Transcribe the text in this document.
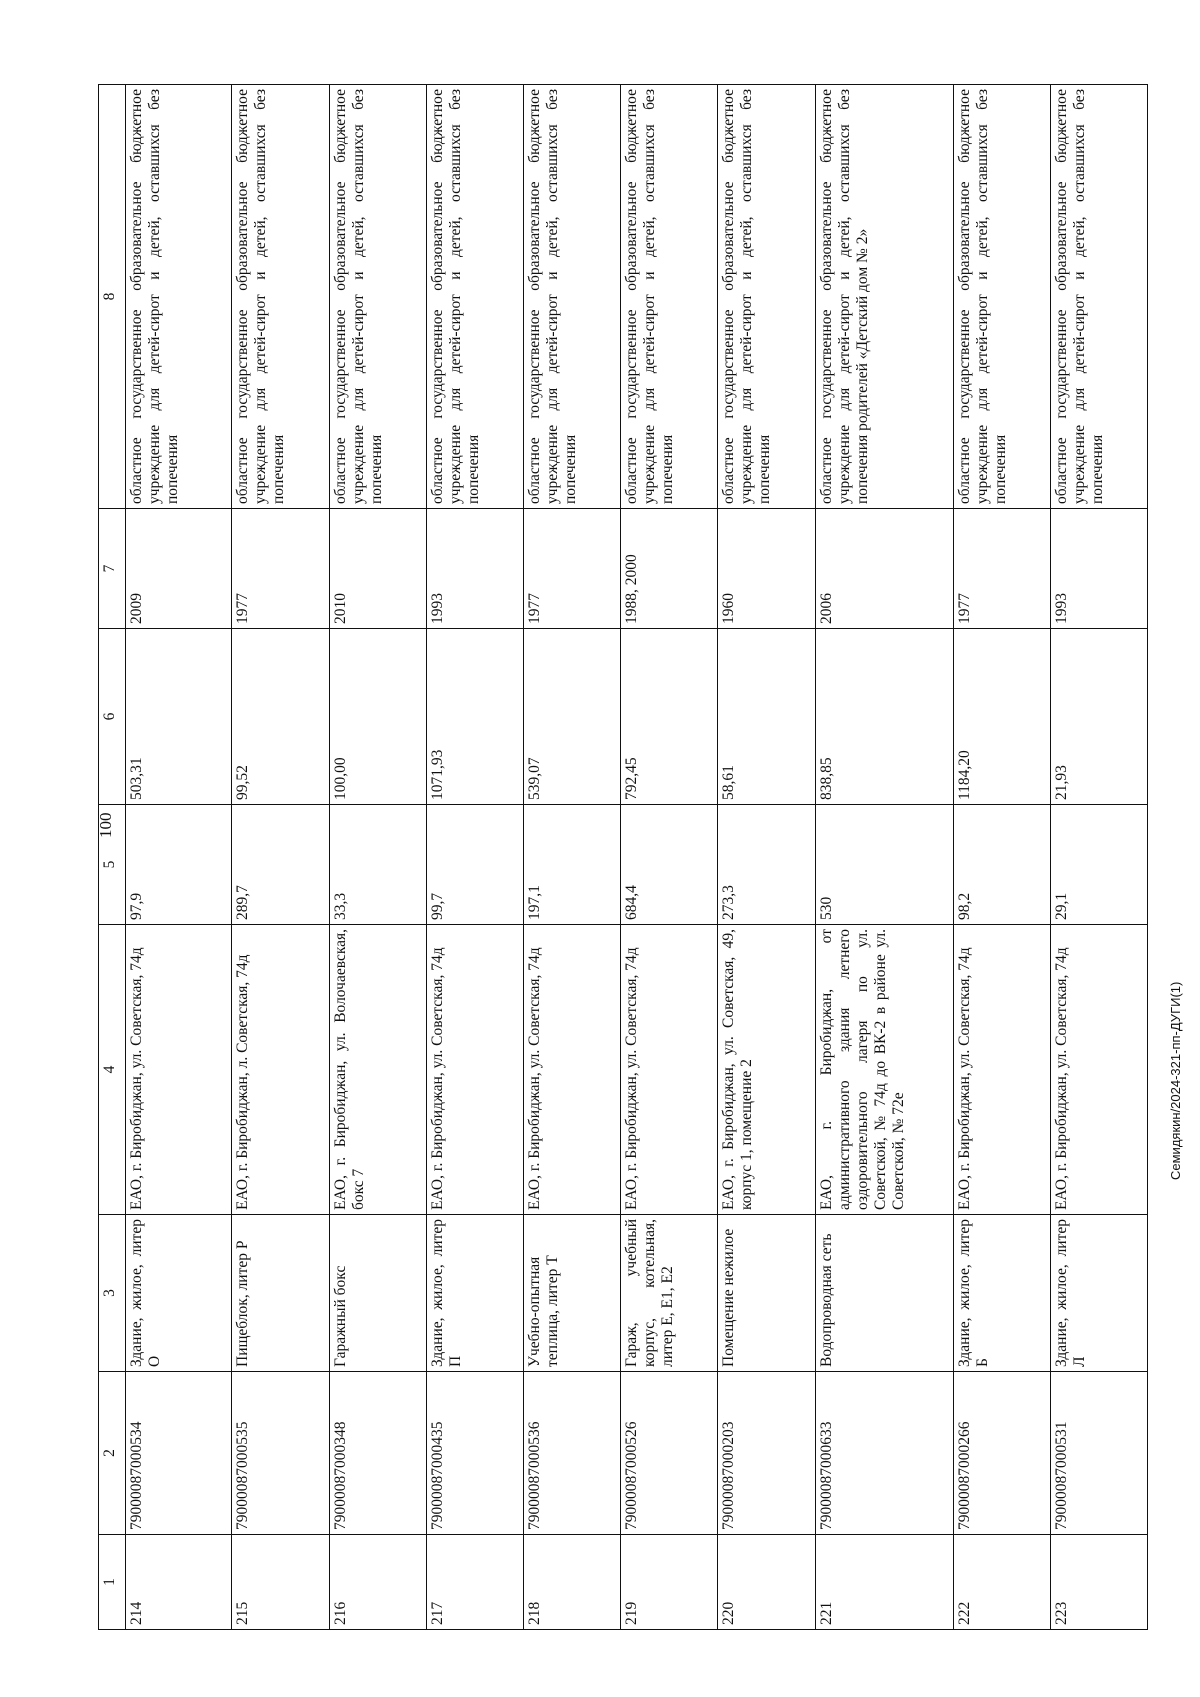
100
1	2	3	4	5	6	7	8
214	79000087000534	Здание, жилое, литер О	ЕАО, г. Биробиджан, ул. Советская, 74д	97,9	503,31	2009	областное государственное образовательное бюджетное учреждение для детей-сирот и детей, оставшихся без попечения
215	79000087000535	Пищеблок, литер Р	ЕАО, г. Биробиджан, л. Советская, 74д	289,7	99,52	1977	областное государственное образовательное бюджетное учреждение для детей-сирот и детей, оставшихся без попечения
216	79000087000348	Гаражный бокс	ЕАО, г. Биробиджан, ул. Волочаевская, бокс 7	33,3	100,00	2010	областное государственное образовательное бюджетное учреждение для детей-сирот и детей, оставшихся без попечения
217	79000087000435	Здание, жилое, литер П	ЕАО, г. Биробиджан, ул. Советская, 74д	99,7	1071,93	1993	областное государственное образовательное бюджетное учреждение для детей-сирот и детей, оставшихся без попечения
218	79000087000536	Учебно-опытная теплица, литер Т	ЕАО, г. Биробиджан, ул. Советская, 74д	197,1	539,07	1977	областное государственное образовательное бюджетное учреждение для детей-сирот и детей, оставшихся без попечения
219	79000087000526	Гараж, учебный корпус, котельная, литер Е, Е1, Е2	ЕАО, г. Биробиджан, ул. Советская, 74д	684,4	792,45	1988, 2000	областное государственное образовательное бюджетное учреждение для детей-сирот и детей, оставшихся без попечения
220	79000087000203	Помещение нежилое	ЕАО, г. Биробиджан, ул. Советская, 49, корпус 1, помещение 2	273,3	58,61	1960	областное государственное образовательное бюджетное учреждение для детей-сирот и детей, оставшихся без попечения
221	79000087000633	Водопроводная сеть	ЕАО, г. Биробиджан, от административного здания летнего оздоровительного лагеря по ул. Советской, № 74д до ВК-2 в районе ул. Советской, № 72е	530	838,85	2006	областное государственное образовательное бюджетное учреждение для детей-сирот и детей, оставшихся без попечения родителей «Детский дом № 2»
222	79000087000266	Здание, жилое, литер Б	ЕАО, г. Биробиджан, ул. Советская, 74д	98,2	1184,20	1977	областное государственное образовательное бюджетное учреждение для детей-сирот и детей, оставшихся без попечения
223	79000087000531	Здание, жилое, литер Л	ЕАО, г. Биробиджан, ул. Советская, 74д	29,1	21,93	1993	областное государственное образовательное бюджетное учреждение для детей-сирот и детей, оставшихся без попечения
Семидякин/2024-321-пп-ДУГИ(1)
